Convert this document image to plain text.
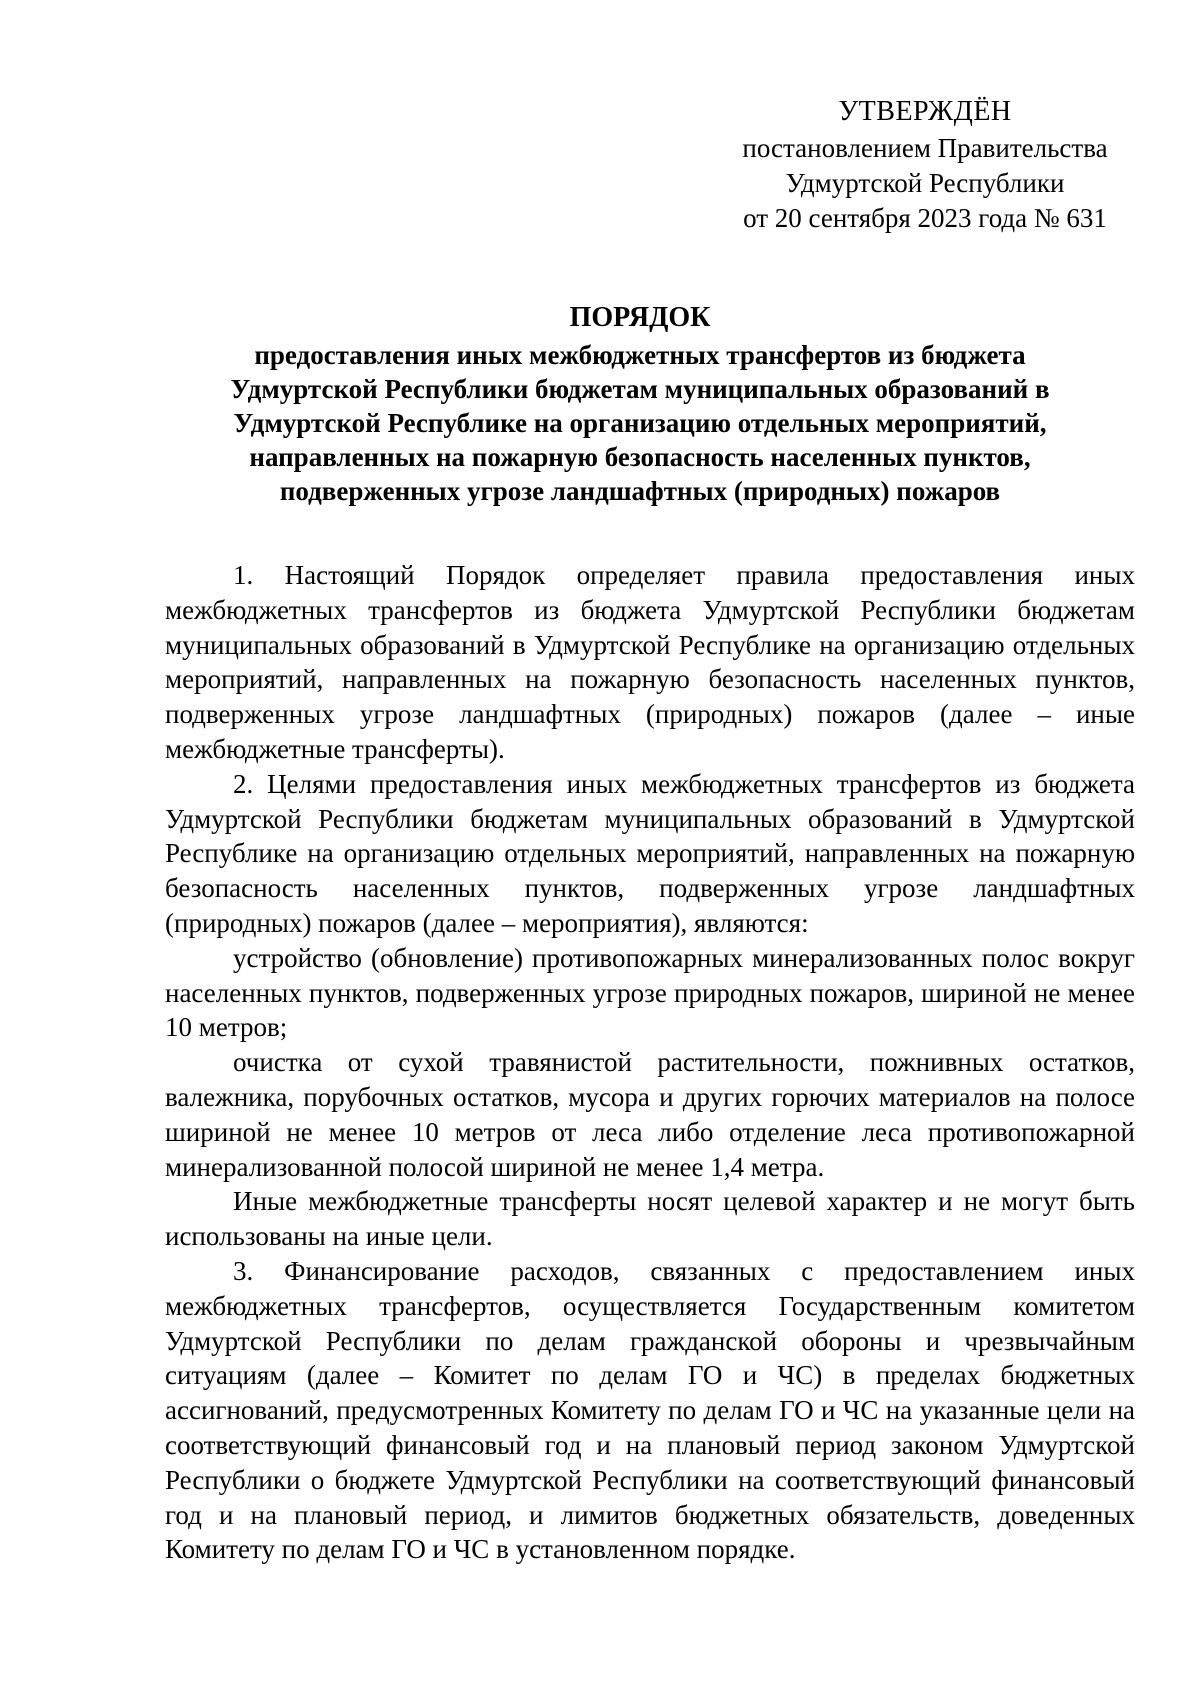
УТВЕРЖДЁН
постановлением Правительства
Удмуртской Республики
от 20 сентября 2023 года № 631
ПОРЯДОК
предоставления иных межбюджетных трансфертов из бюджета
Удмуртской Республики бюджетам муниципальных образований в
Удмуртской Республике на организацию отдельных мероприятий,
направленных на пожарную безопасность населенных пунктов,
подверженных угрозе ландшафтных (природных) пожаров

1. Настоящий Порядок определяет правила предоставления иных межбюджетных трансфертов из бюджета Удмуртской Республики бюджетам муниципальных образований в Удмуртской Республике на организацию отдельных мероприятий, направленных на пожарную безопасность населенных пунктов, подверженных угрозе ландшафтных (природных) пожаров (далее – иные межбюджетные трансферты).

2. Целями предоставления иных межбюджетных трансфертов из бюджета Удмуртской Республики бюджетам муниципальных образований в Удмуртской Республике на организацию отдельных мероприятий, направленных на пожарную безопасность населенных пунктов, подверженных угрозе ландшафтных (природных) пожаров (далее – мероприятия), являются:

устройство (обновление) противопожарных минерализованных полос вокруг населенных пунктов, подверженных угрозе природных пожаров, шириной не менее 10 метров;

очистка от сухой травянистой растительности, пожнивных остатков, валежника, порубочных остатков, мусора и других горючих материалов на полосе шириной не менее 10 метров от леса либо отделение леса противопожарной минерализованной полосой шириной не менее 1,4 метра.

Иные межбюджетные трансферты носят целевой характер и не могут быть использованы на иные цели.

3. Финансирование расходов, связанных с предоставлением иных межбюджетных трансфертов, осуществляется Государственным комитетом Удмуртской Республики по делам гражданской обороны и чрезвычайным ситуациям (далее – Комитет по делам ГО и ЧС) в пределах бюджетных ассигнований, предусмотренных Комитету по делам ГО и ЧС на указанные цели на соответствующий финансовый год и на плановый период законом Удмуртской Республики о бюджете Удмуртской Республики на соответствующий финансовый год и на плановый период, и лимитов бюджетных обязательств, доведенных Комитету по делам ГО и ЧС в установленном порядке.
